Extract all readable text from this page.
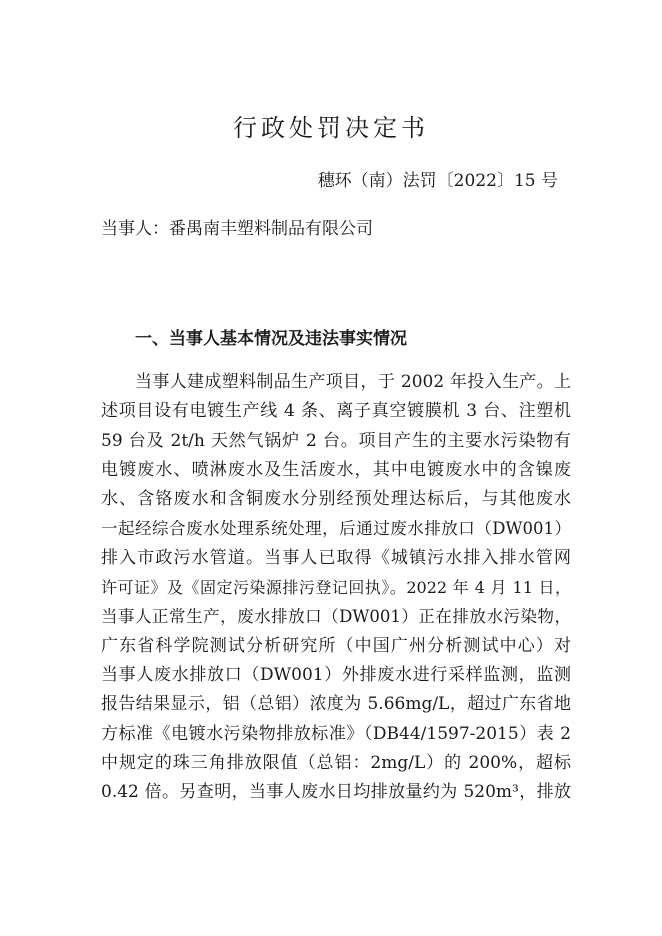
行政处罚决定书
穗环（南）法罚〔2022〕15 号
当事人：番禺南丰塑料制品有限公司
一、当事人基本情况及违法事实情况
当事人建成塑料制品生产项目，于 2002 年投入生产。上
述项目设有电镀生产线 4 条、离子真空镀膜机 3 台、注塑机
59 台及 2t/h 天然气锅炉 2 台。项目产生的主要水污染物有
电镀废水、喷淋废水及生活废水，其中电镀废水中的含镍废
水、含铬废水和含铜废水分别经预处理达标后，与其他废水
一起经综合废水处理系统处理，后通过废水排放口（DW001）
排入市政污水管道。当事人已取得《城镇污水排入排水管网
许可证》及《固定污染源排污登记回执》。2022 年 4 月 11 日，
当事人正常生产，废水排放口（DW001）正在排放水污染物，
广东省科学院测试分析研究所（中国广州分析测试中心）对
当事人废水排放口（DW001）外排废水进行采样监测，监测
报告结果显示，铝（总铝）浓度为 5.66mg/L，超过广东省地
方标准《电镀水污染物排放标准》（DB44/1597-2015）表 2
中规定的珠三角排放限值（总铝：2mg/L）的 200%，超标
0.42 倍。另查明，当事人废水日均排放量约为 520m³，排放
